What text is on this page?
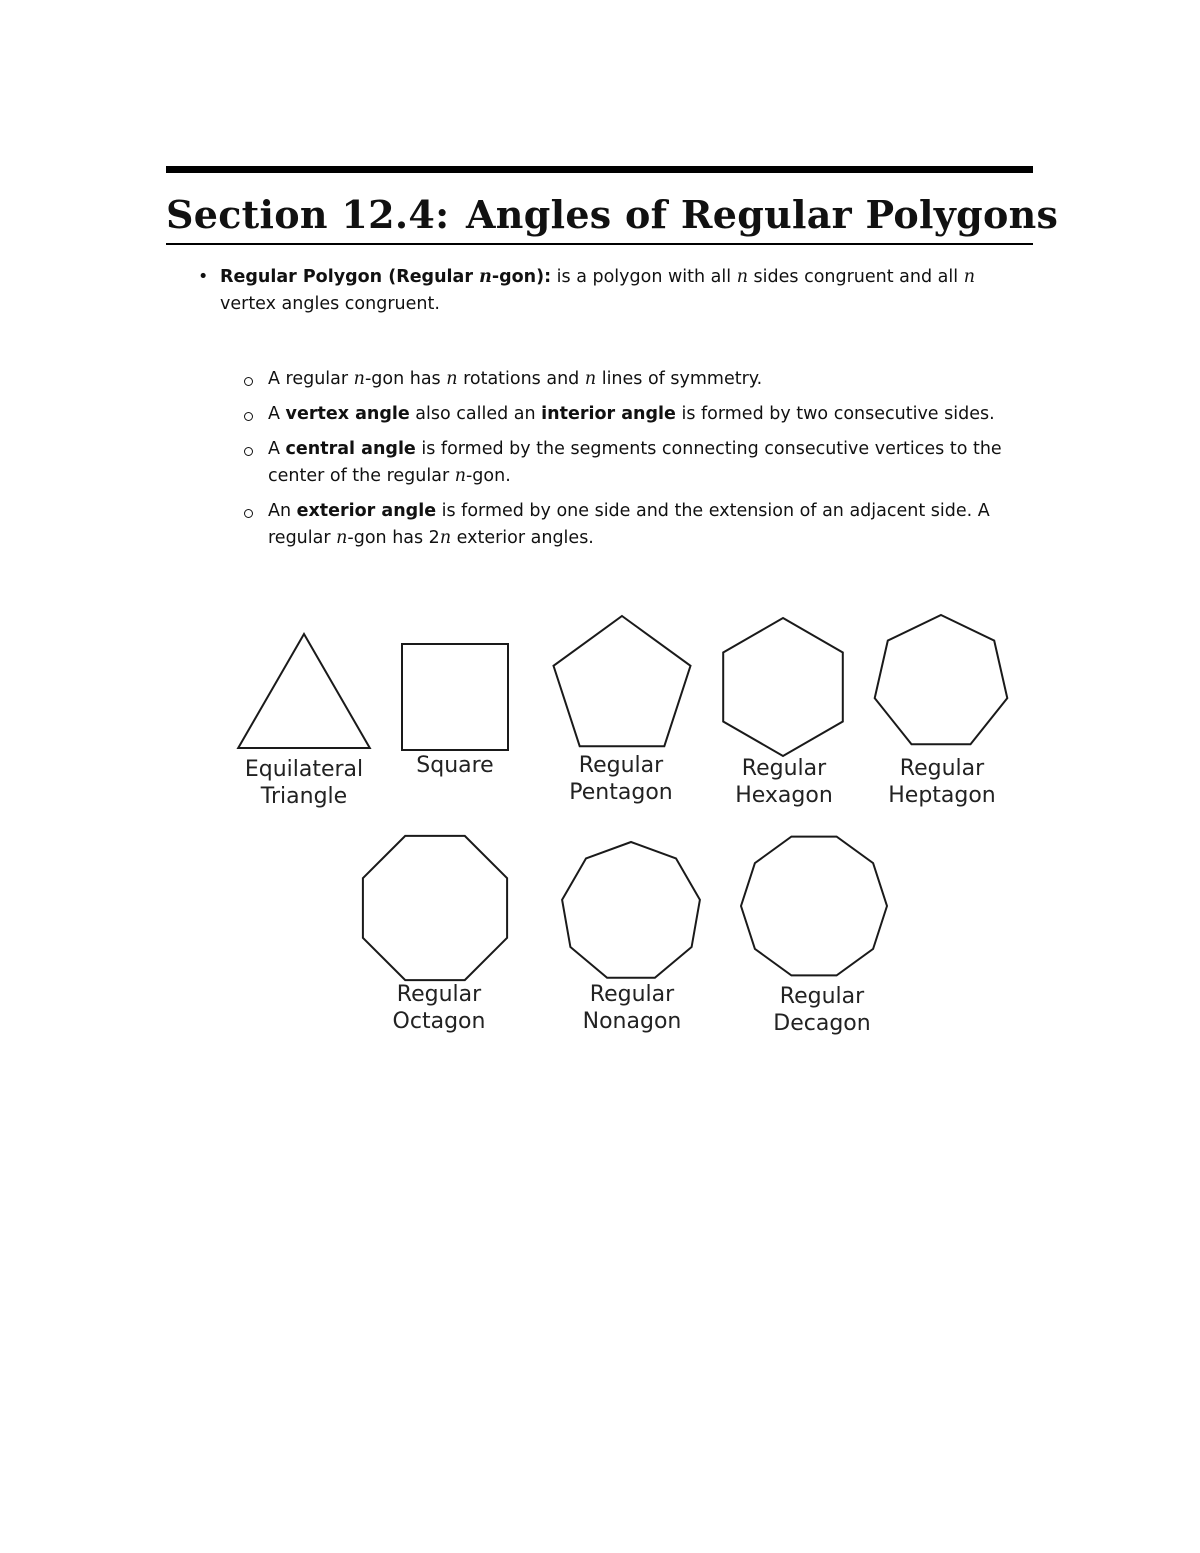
Section 12.4: Angles of Regular Polygons
• Regular Polygon (Regular n-gon): is a polygon with all n sides congruent and all n vertex angles congruent.
A regular n-gon has n rotations and n lines of symmetry.
A vertex angle also called an interior angle is formed by two consecutive sides.
A central angle is formed by the segments connecting consecutive vertices to the center of the regular n-gon.
An exterior angle is formed by one side and the extension of an adjacent side. A regular n-gon has 2n exterior angles.
Equilateral
Triangle
Square	Regular
Pentagon
Regular
Hexagon
Regular
Heptagon
Regular
Octagon
Regular
Nonagon
Regular
Decagon
